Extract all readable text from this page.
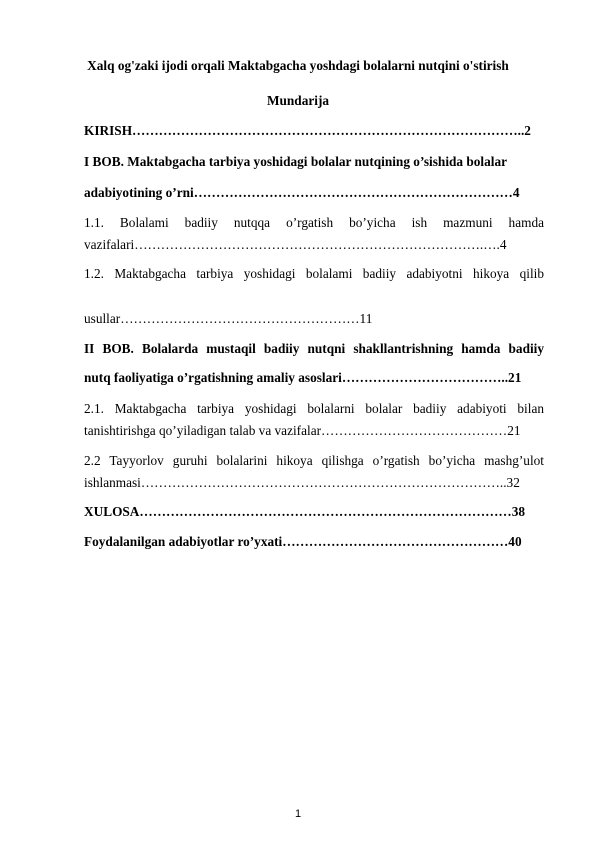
Xalq og'zaki ijodi orqali Maktabgacha yoshdagi bolalarni nutqini o'stirish
Mundarija
KIRISH……………………………………………………………………………..2
I BOB. Maktabgacha tarbiya yoshidagi bolalar nutqining o’sishida bolalar
adabiyotining o’rni………………………………………………………………4
1.1. Bolalami badiiy nutqqa o’rgatish bo’yicha ish mazmuni hamda
vazifalari…………………………………………………………………….….4
1.2. Maktabgacha tarbiya yoshidagi bolalami badiiy adabiyotni hikoya qilib
usullar………………………………………………11
II BOB. Bolalarda mustaqil badiiy nutqni shakllantrishning hamda badiiy
nutq faoliyatiga o’rgatishning amaliy asoslari………………………………..21
2.1. Maktabgacha tarbiya yoshidagi bolalarni bolalar badiiy adabiyoti bilan
tanishtirishga qo’yiladigan talab va vazifalar……………………………………21
2.2 Tayyorlov guruhi bolalarini hikoya qilishga o’rgatish bo’yicha mashg’ulot
ishlanmasi………………………………………………………………………..32
XULOSA…………………………………………………………………………38
Foydalanilgan adabiyotlar ro’yxati……………………………………………40
1
